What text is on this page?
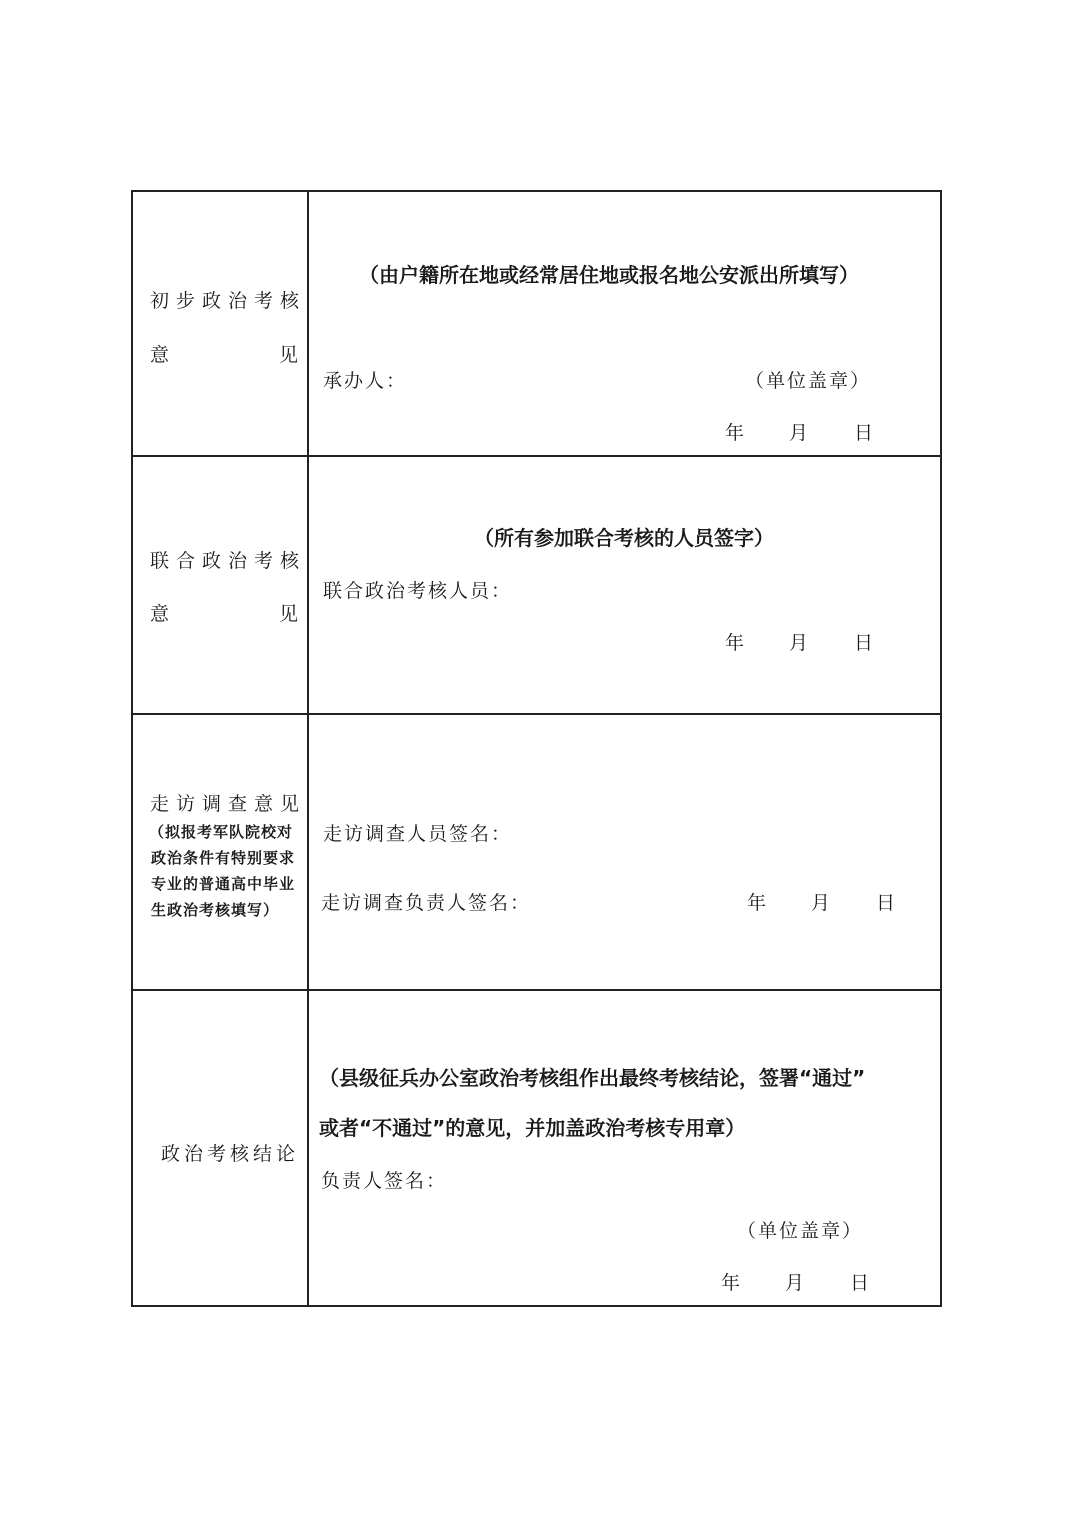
初步政治考核
意	见
（由户籍所在地或经常居住地或报名地公安派出所填写）
承办人：	（单位盖章）
年 月 日
联合政治考核
意	见
（所有参加联合考核的人员签字）
联合政治考核人员：
年 月 日
走访调查意见
（拟报考军队院校对
政治条件有特别要求
专业的普通高中毕业
生政治考核填写）
走访调查人员签名：
走访调查负责人签名：	年 月 日
政治考核结论
（县级征兵办公室政治考核组作出最终考核结论，签署“通过”
或者“不通过”的意见，并加盖政治考核专用章）
负责人签名：
（单位盖章）
年 月 日
